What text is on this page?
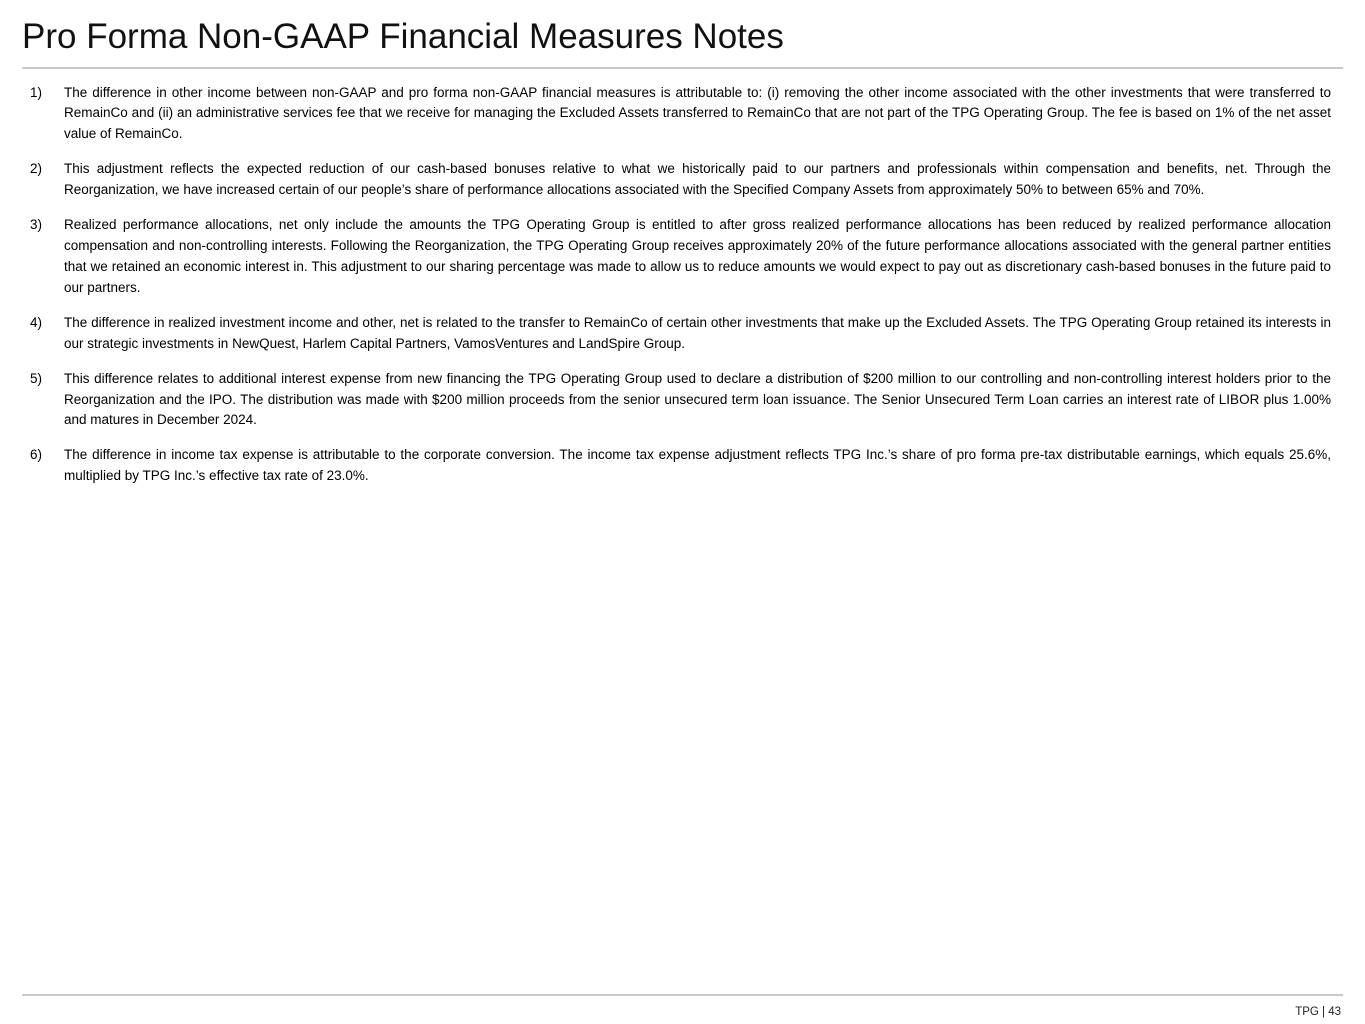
Pro Forma Non-GAAP Financial Measures Notes
1)	The difference in other income between non-GAAP and pro forma non-GAAP financial measures is attributable to: (i) removing the other income associated with the other investments that were transferred to RemainCo and (ii) an administrative services fee that we receive for managing the Excluded Assets transferred to RemainCo that are not part of the TPG Operating Group. The fee is based on 1% of the net asset value of RemainCo.
2)	This adjustment reflects the expected reduction of our cash-based bonuses relative to what we historically paid to our partners and professionals within compensation and benefits, net. Through the Reorganization, we have increased certain of our people’s share of performance allocations associated with the Specified Company Assets from approximately 50% to between 65% and 70%.
3)	Realized performance allocations, net only include the amounts the TPG Operating Group is entitled to after gross realized performance allocations has been reduced by realized performance allocation compensation and non-controlling interests. Following the Reorganization, the TPG Operating Group receives approximately 20% of the future performance allocations associated with the general partner entities that we retained an economic interest in. This adjustment to our sharing percentage was made to allow us to reduce amounts we would expect to pay out as discretionary cash-based bonuses in the future paid to our partners.
4)	The difference in realized investment income and other, net is related to the transfer to RemainCo of certain other investments that make up the Excluded Assets. The TPG Operating Group retained its interests in our strategic investments in NewQuest, Harlem Capital Partners, VamosVentures and LandSpire Group.
5)	This difference relates to additional interest expense from new financing the TPG Operating Group used to declare a distribution of $200 million to our controlling and non-controlling interest holders prior to the Reorganization and the IPO. The distribution was made with $200 million proceeds from the senior unsecured term loan issuance. The Senior Unsecured Term Loan carries an interest rate of LIBOR plus 1.00% and matures in December 2024.
6)	The difference in income tax expense is attributable to the corporate conversion. The income tax expense adjustment reflects TPG Inc.’s share of pro forma pre-tax distributable earnings, which equals 25.6%, multiplied by TPG Inc.’s effective tax rate of 23.0%.
TPG | 43
